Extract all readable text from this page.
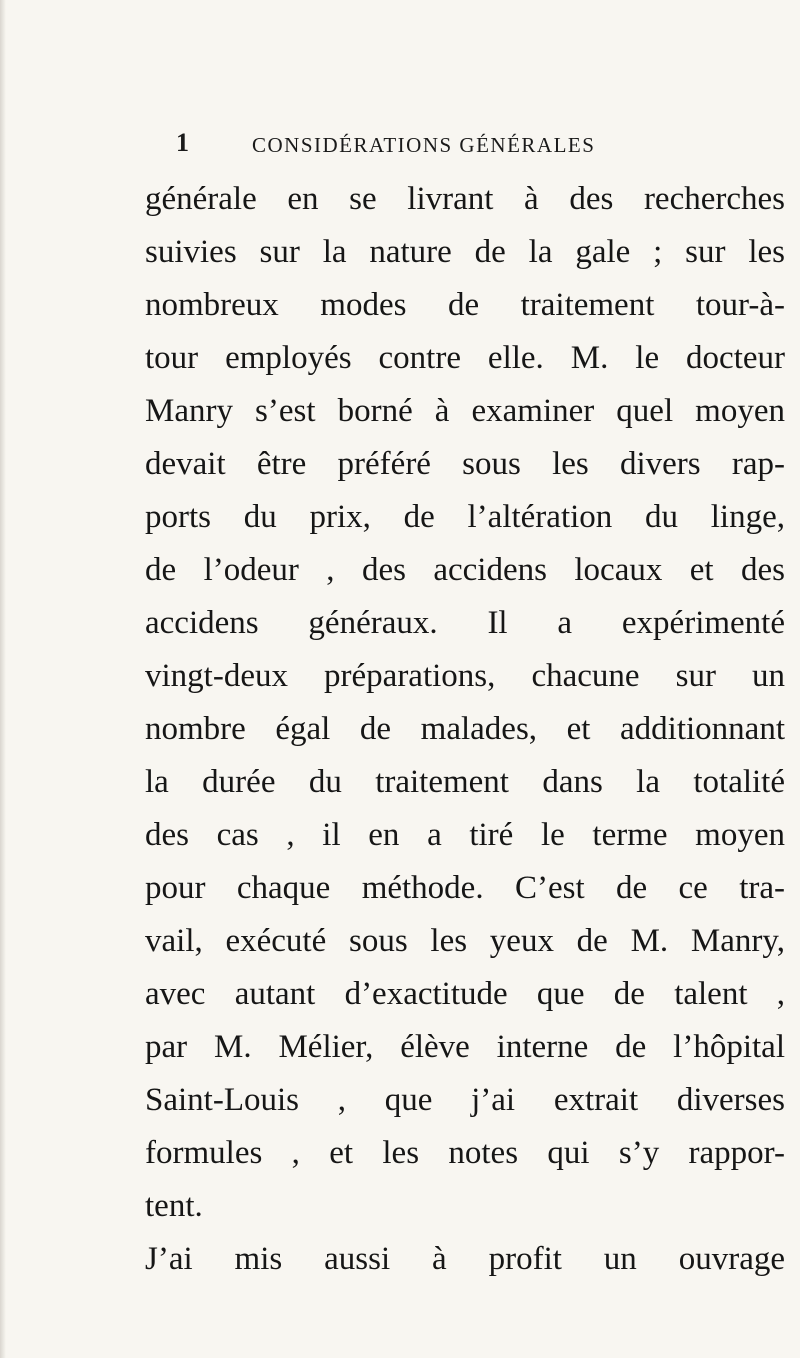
1	CONSIDÉRATIONS GÉNÉRALES
générale en se livrant à des recherches
suivies sur la nature de la gale ; sur les
nombreux modes de traitement tour-à-
tour employés contre elle. M. le docteur
Manry s’est borné à examiner quel moyen
devait être préféré sous les divers rap-
ports du prix, de l’altération du linge,
de l’odeur , des accidens locaux et des
accidens généraux. Il a expérimenté
vingt-deux préparations, chacune sur un
nombre égal de malades, et additionnant
la durée du traitement dans la totalité
des cas , il en a tiré le terme moyen
pour chaque méthode. C’est de ce tra-
vail, exécuté sous les yeux de M. Manry,
avec autant d’exactitude que de talent ,
par M. Mélier, élève interne de l’hôpital
Saint-Louis , que j’ai extrait diverses
formules , et les notes qui s’y rappor-
tent.
J’ai mis aussi à profit un ouvrage
